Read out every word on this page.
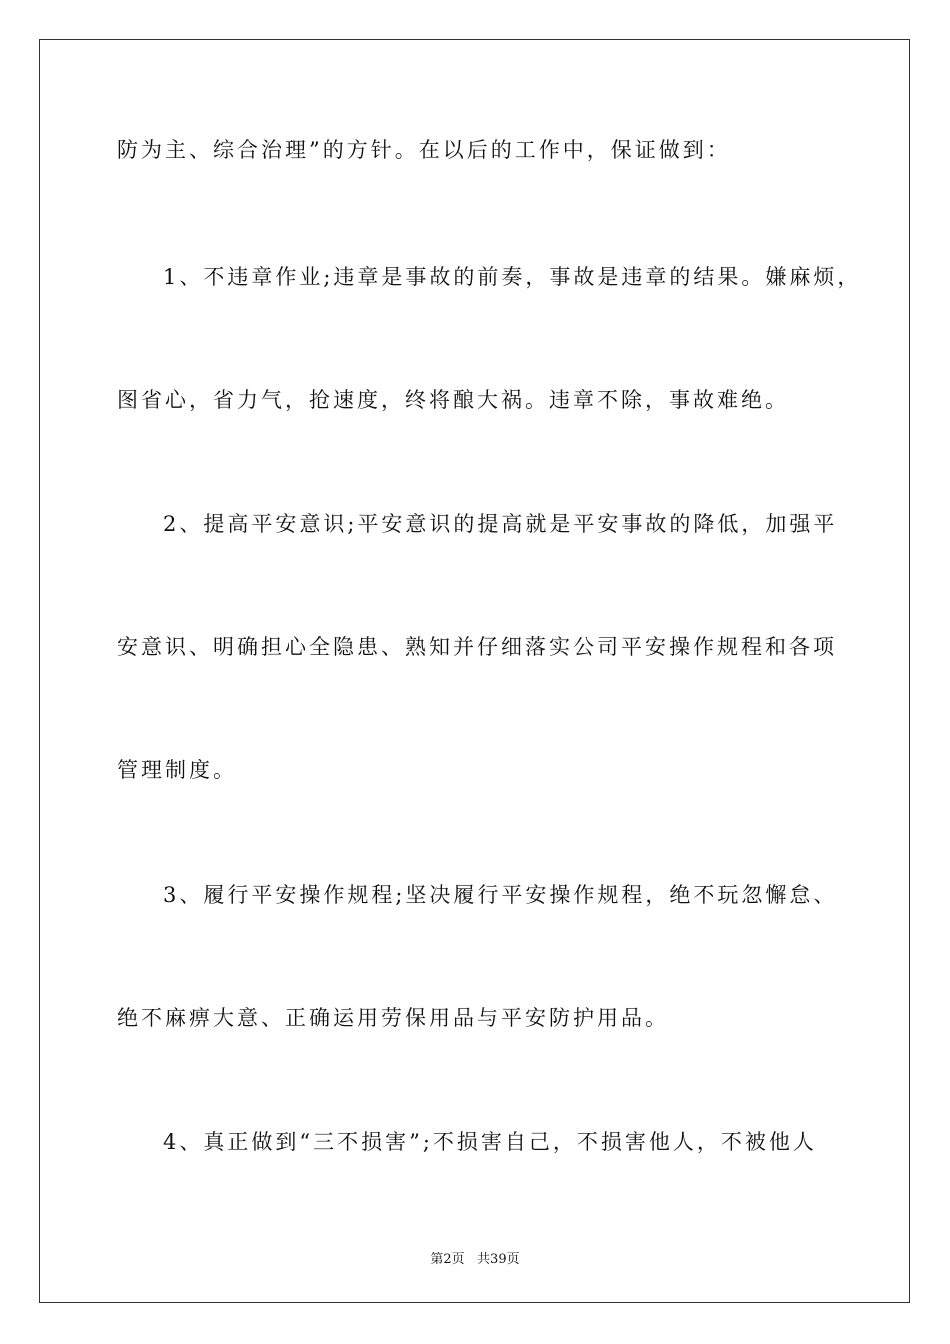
防为主、综合治理”的方针。在以后的工作中，保证做到：
1、不违章作业;违章是事故的前奏，事故是违章的结果。嫌麻烦，
图省心，省力气，抢速度，终将酿大祸。违章不除，事故难绝。
2、提高平安意识;平安意识的提高就是平安事故的降低，加强平
安意识、明确担心全隐患、熟知并仔细落实公司平安操作规程和各项
管理制度。
3、履行平安操作规程;坚决履行平安操作规程，绝不玩忽懈怠、
绝不麻痹大意、正确运用劳保用品与平安防护用品。
4、真正做到“三不损害”;不损害自己，不损害他人，不被他人
第2页   共39页
